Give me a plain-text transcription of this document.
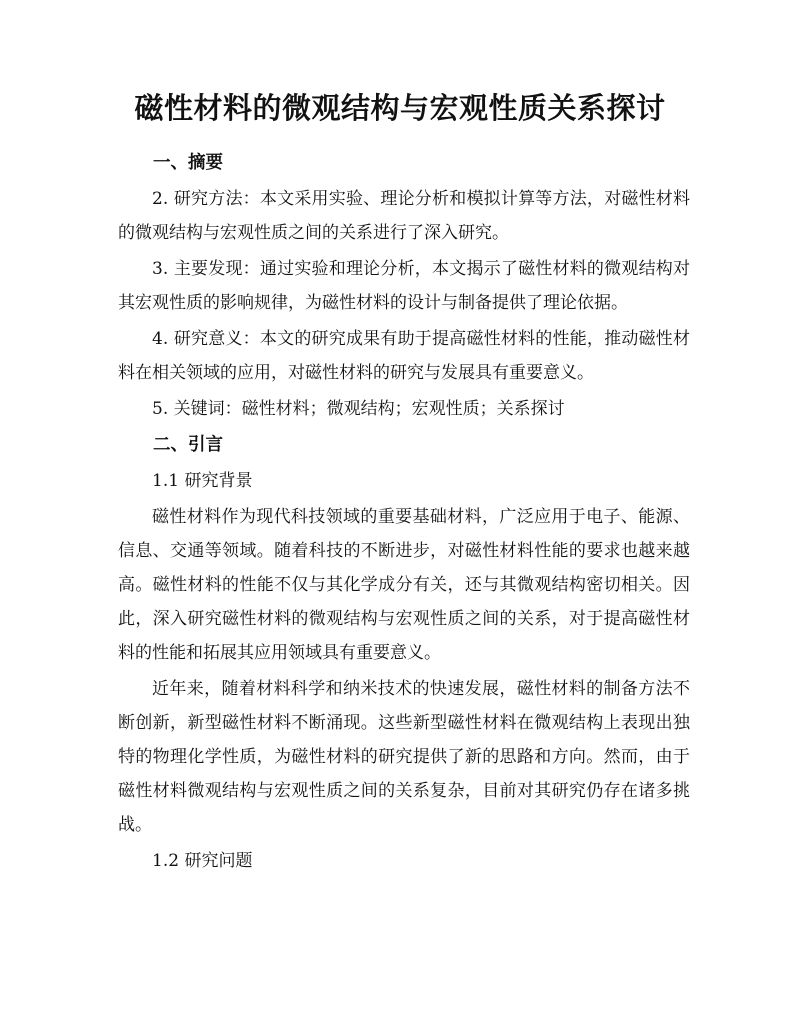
磁性材料的微观结构与宏观性质关系探讨

一、摘要

2. 研究方法：本文采用实验、理论分析和模拟计算等方法，对磁性材料的微观结构与宏观性质之间的关系进行了深入研究。

3. 主要发现：通过实验和理论分析，本文揭示了磁性材料的微观结构对其宏观性质的影响规律，为磁性材料的设计与制备提供了理论依据。

4. 研究意义：本文的研究成果有助于提高磁性材料的性能，推动磁性材料在相关领域的应用，对磁性材料的研究与发展具有重要意义。

5. 关键词：磁性材料；微观结构；宏观性质；关系探讨

二、引言

1.1 研究背景

磁性材料作为现代科技领域的重要基础材料，广泛应用于电子、能源、信息、交通等领域。随着科技的不断进步，对磁性材料性能的要求也越来越高。磁性材料的性能不仅与其化学成分有关，还与其微观结构密切相关。因此，深入研究磁性材料的微观结构与宏观性质之间的关系，对于提高磁性材料的性能和拓展其应用领域具有重要意义。

近年来，随着材料科学和纳米技术的快速发展，磁性材料的制备方法不断创新，新型磁性材料不断涌现。这些新型磁性材料在微观结构上表现出独特的物理化学性质，为磁性材料的研究提供了新的思路和方向。然而，由于磁性材料微观结构与宏观性质之间的关系复杂，目前对其研究仍存在诸多挑战。

1.2 研究问题
